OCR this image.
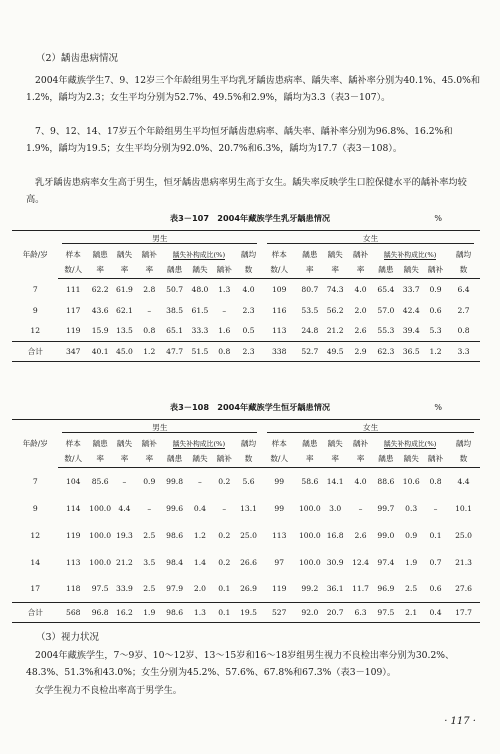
（2）龋齿患病情况

2004年藏族学生7、9、12岁三个年龄组男生平均乳牙龋齿患病率、龋失率、龋补率分别为40.1%、45.0%和1.2%，龋均为2.3；女生平均分别为52.7%、49.5%和2.9%，龋均为3.3（表3－107）。

7、9、12、14、17岁五个年龄组男生平均恒牙龋齿患病率、龋失率、龋补率分别为96.8%、16.2%和1.9%，龋均为19.5；女生平均分别为92.0%、20.7%和6.3%，龋均为17.7（表3－108）。

乳牙龋齿患病率女生高于男生，恒牙龋齿患病率男生高于女生。龋失率反映学生口腔保健水平的龋补率均较高。

表3－107　2004年藏族学生乳牙龋患情况	%
年龄/岁	男生								女生							
	样本	龋患	龋失	龋补	龋失补构成比(%)			龋均	样本	龋患	龋失	龋补	龋失补构成比(%)			龋均
	数/人	率	率	率	龋患	龋失	龋补	数	数/人	率	率	率	龋患	龋失	龋补	数
7	111	62.2	61.9	2.8	50.7	48.0	1.3	4.0	109	80.7	74.3	4.0	65.4	33.7	0.9	6.4
9	117	43.6	62.1	–	38.5	61.5	–	2.3	116	53.5	56.2	2.0	57.0	42.4	0.6	2.7
12	119	15.9	13.5	0.8	65.1	33.3	1.6	0.5	113	24.8	21.2	2.6	55.3	39.4	5.3	0.8
合计	347	40.1	45.0	1.2	47.7	51.5	0.8	2.3	338	52.7	49.5	2.9	62.3	36.5	1.2	3.3
表3－108　2004年藏族学生恒牙龋患情况	%
年龄/岁	男生								女生							
	样本	龋患	龋失	龋补	龋失补构成比(%)			龋均	样本	龋患	龋失	龋补	龋失补构成比(%)			龋均
	数/人	率	率	率	龋患	龋失	龋补	数	数/人	率	率	率	龋患	龋失	龋补	数
7	104	85.6	–	0.9	99.8	–	0.2	5.6	99	58.6	14.1	4.0	88.6	10.6	0.8	4.4
9	114	100.0	4.4	–	99.6	0.4	–	13.1	99	100.0	3.0	–	99.7	0.3	–	10.1
12	119	100.0	19.3	2.5	98.6	1.2	0.2	25.0	113	100.0	16.8	2.6	99.0	0.9	0.1	25.0
14	113	100.0	21.2	3.5	98.4	1.4	0.2	26.6	97	100.0	30.9	12.4	97.4	1.9	0.7	21.3
17	118	97.5	33.9	2.5	97.9	2.0	0.1	26.9	119	99.2	36.1	11.7	96.9	2.5	0.6	27.6
合计	568	96.8	16.2	1.9	98.6	1.3	0.1	19.5	527	92.0	20.7	6.3	97.5	2.1	0.4	17.7

（3）视力状况

2004年藏族学生，7～9岁、10～12岁、13～15岁和16～18岁组男生视力不良检出率分别为30.2%、48.3%、51.3%和43.0%；女生分别为45.2%、57.6%、67.8%和67.3%（表3－109）。

女学生视力不良检出率高于男学生。

· 117 ·
